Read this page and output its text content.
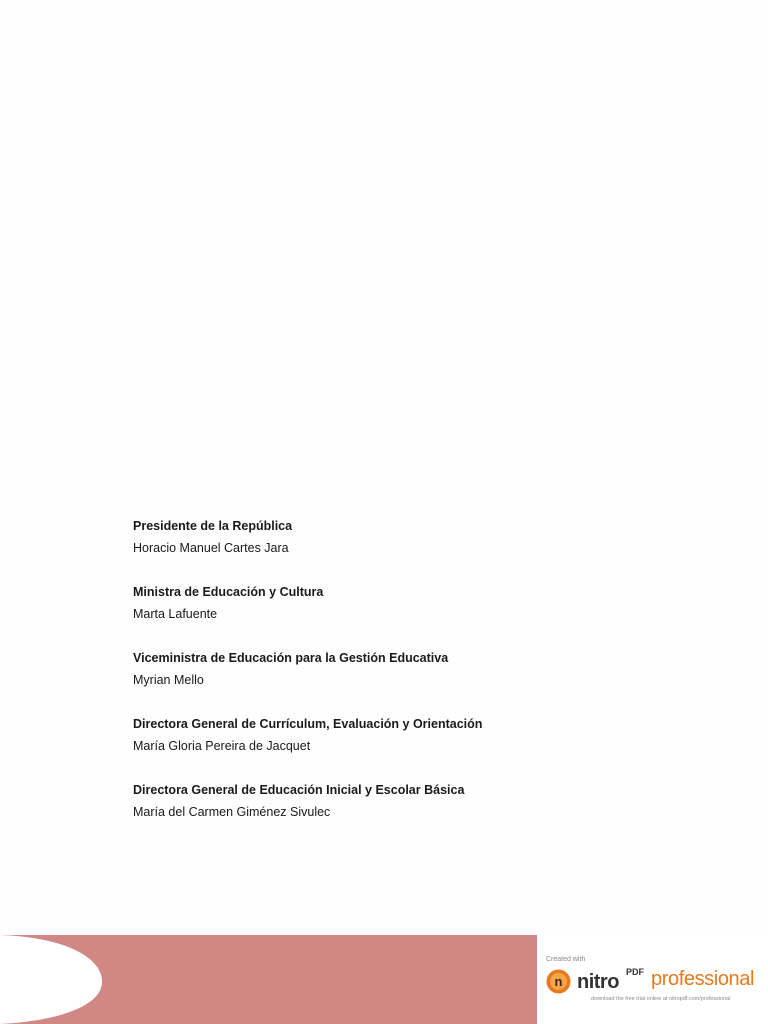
Presidente de la República
Horacio Manuel Cartes Jara
Ministra de Educación y Cultura
Marta Lafuente
Viceministra de Educación para la Gestión Educativa
Myrian Mello
Directora General de Currículum, Evaluación y Orientación
María Gloria Pereira de Jacquet
Directora General de Educación Inicial y Escolar Básica
María del Carmen Giménez Sivulec
Created with
n nitro PDF professional
download the free trial online at nitropdf.com/professional
